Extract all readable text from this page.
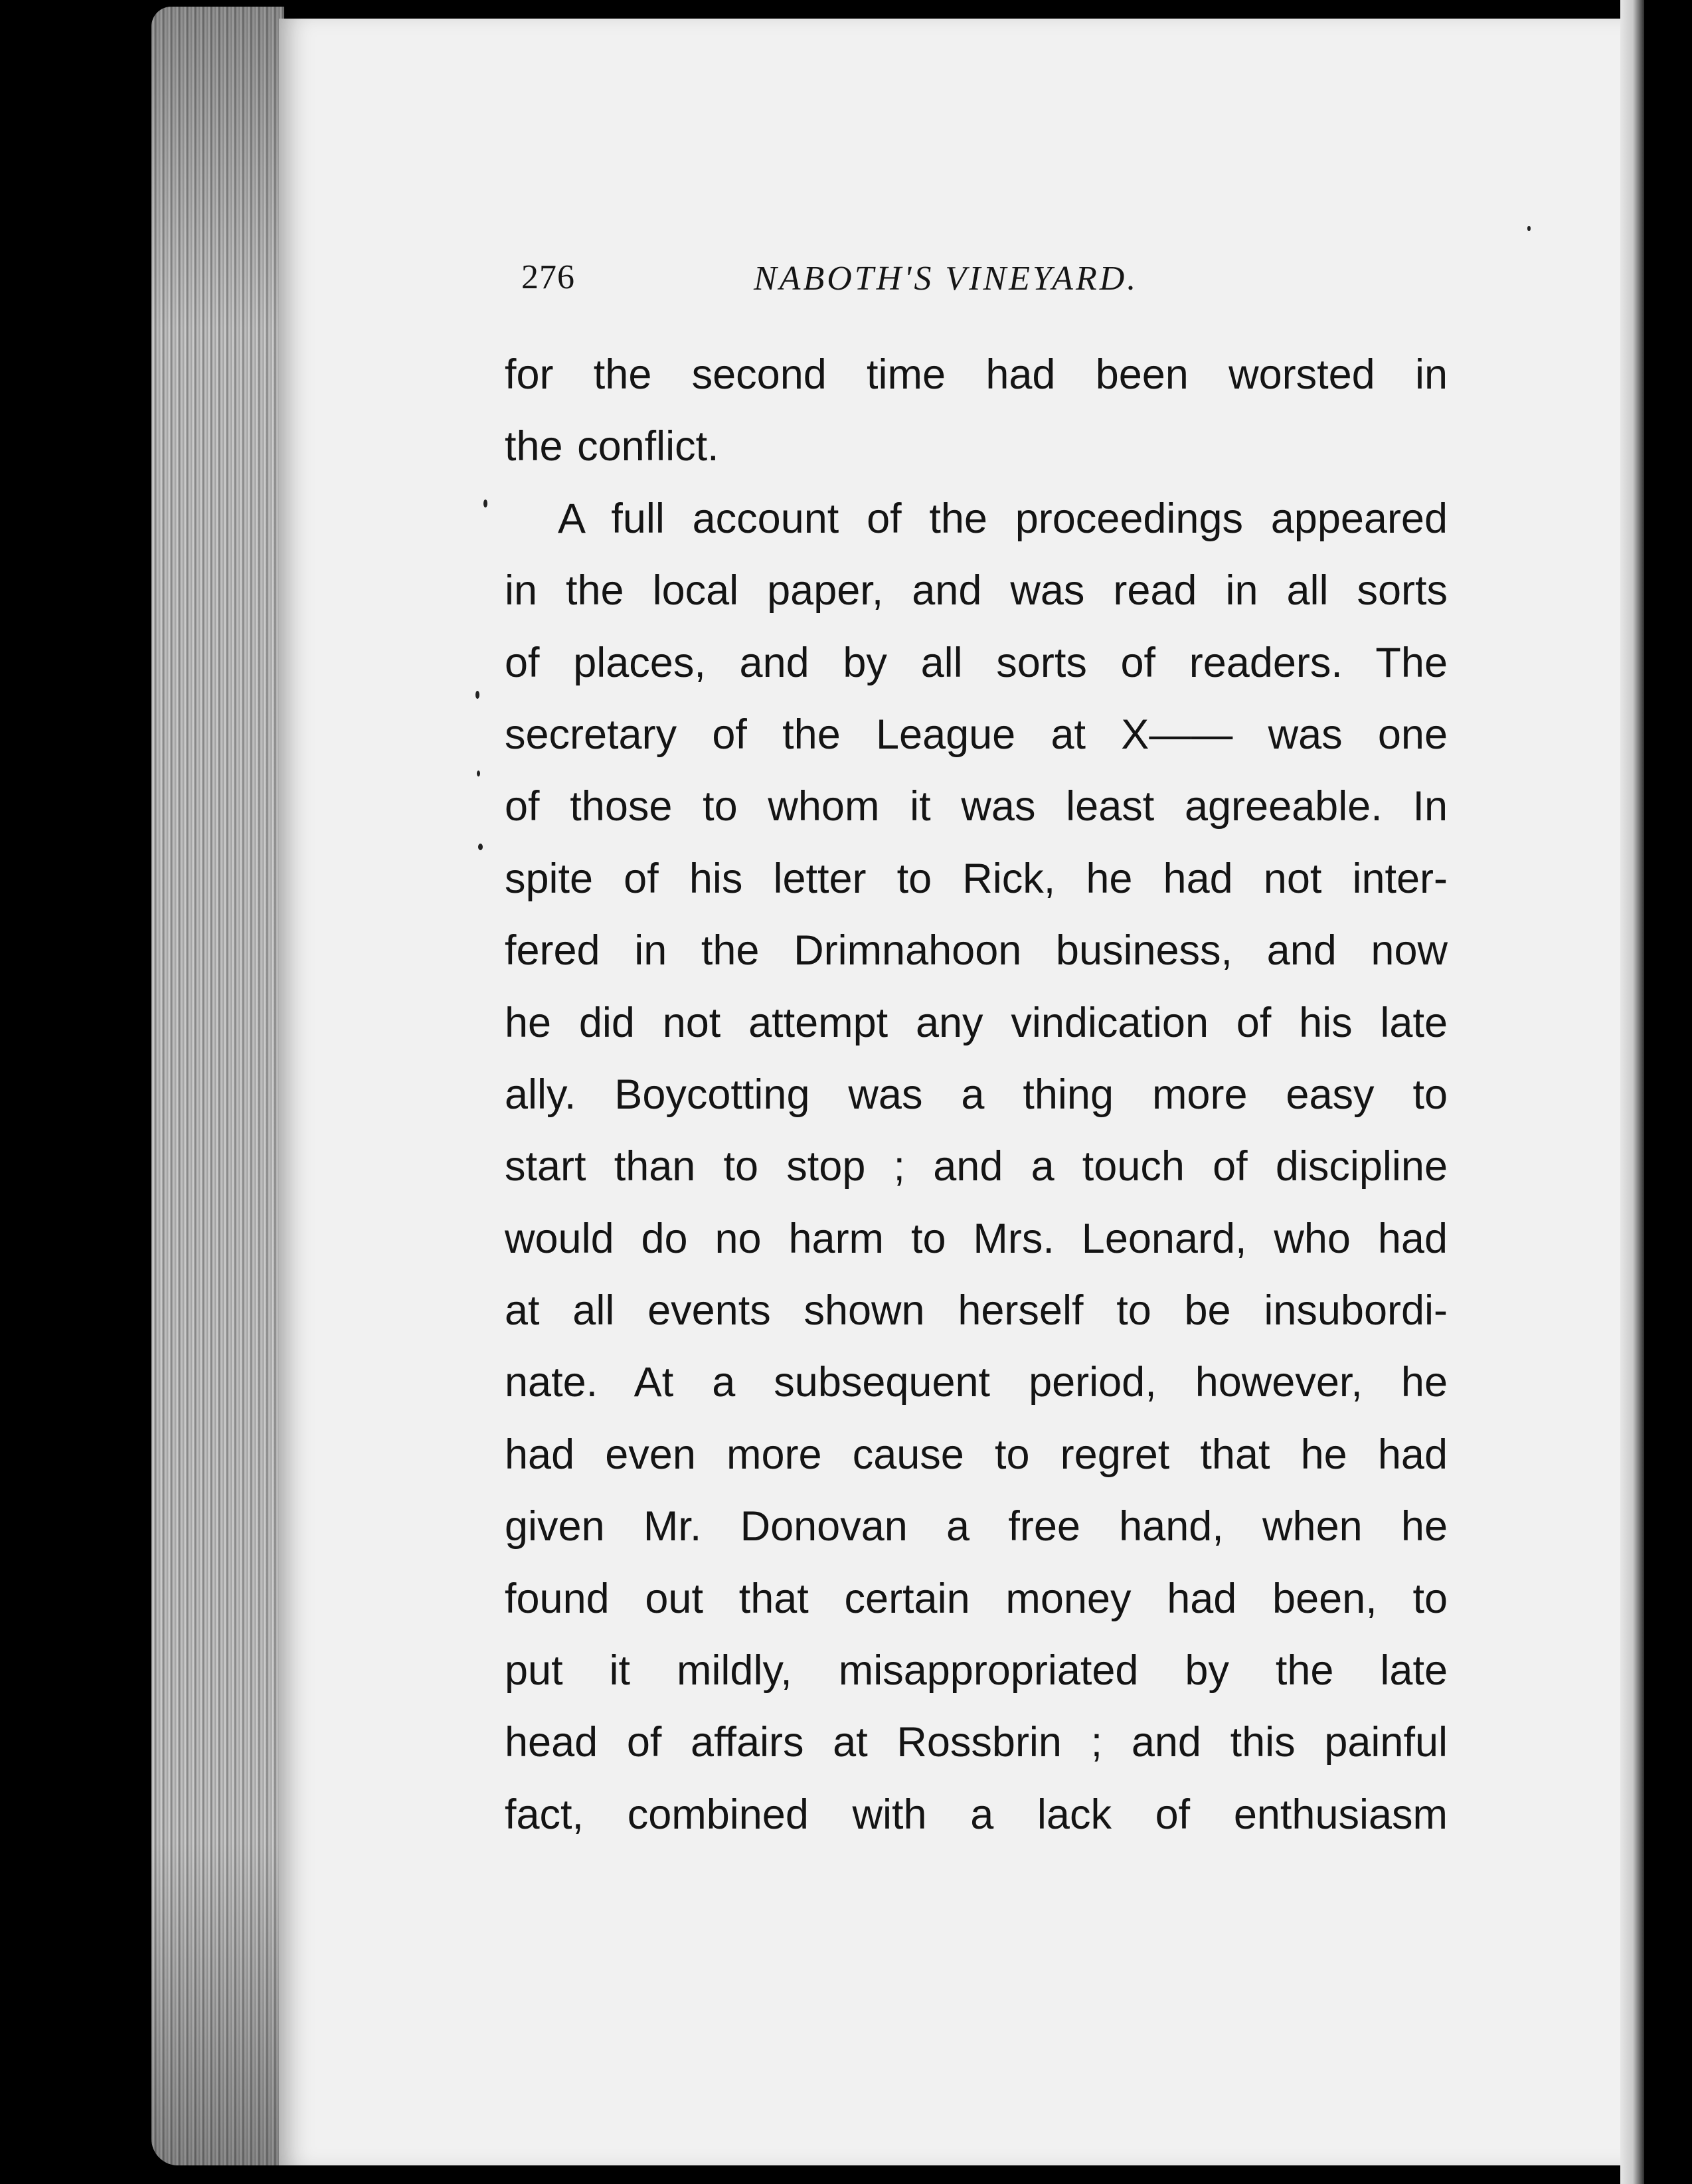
276	NABOTH'S VINEYARD.
for the second time had been worsted in
the conflict.
A full account of the proceedings appeared
in the local paper, and was read in all sorts
of places, and by all sorts of readers. The
secretary of the League at X—— was one
of those to whom it was least agreeable. In
spite of his letter to Rick, he had not inter-
fered in the Drimnahoon business, and now
he did not attempt any vindication of his late
ally. Boycotting was a thing more easy to
start than to stop ; and a touch of discipline
would do no harm to Mrs. Leonard, who had
at all events shown herself to be insubordi-
nate. At a subsequent period, however, he
had even more cause to regret that he had
given Mr. Donovan a free hand, when he
found out that certain money had been, to
put it mildly, misappropriated by the late
head of affairs at Rossbrin ; and this painful
fact, combined with a lack of enthusiasm
